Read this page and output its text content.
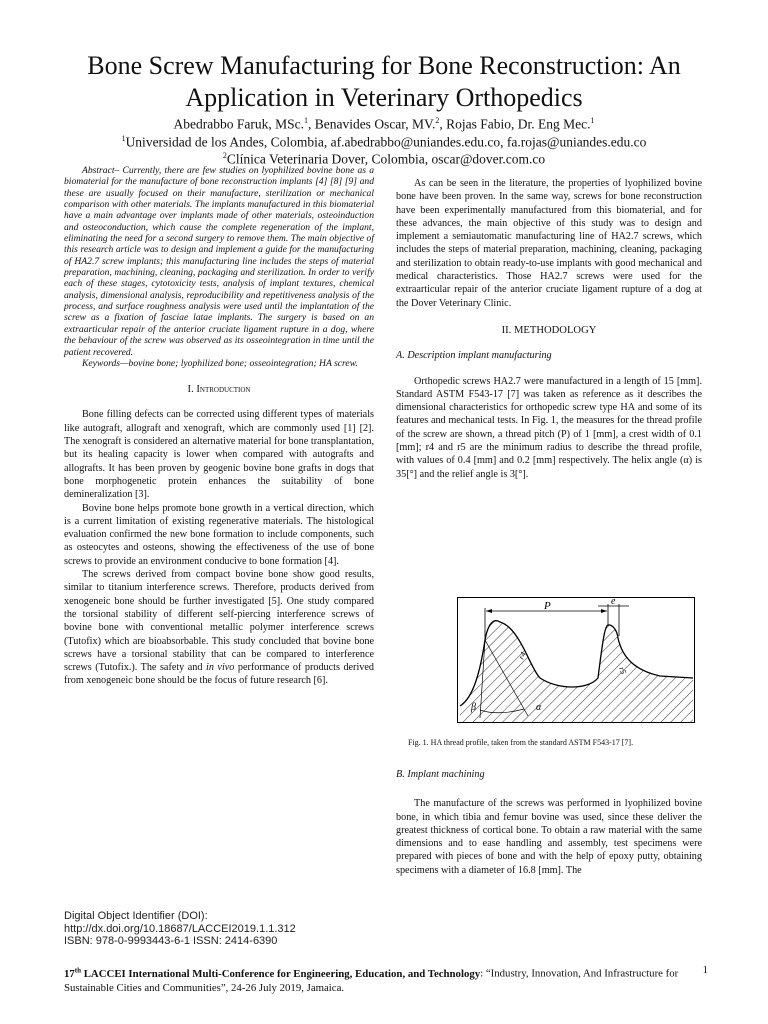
Bone Screw Manufacturing for Bone Reconstruction: An Application in Veterinary Orthopedics
Abedrabbo Faruk, MSc.$^1$, Benavides Oscar, MV.$^2$, Rojas Fabio, Dr. Eng Mec.$^1$
$^1$Universidad de los Andes, Colombia, af.abedrabbo@uniandes.edu.co, fa.rojas@uniandes.edu.co
$^2$Clínica Veterinaria Dover, Colombia, oscar@dover.com.co

Abstract– Currently, there are few studies on lyophilized bovine bone as a biomaterial for the manufacture of bone reconstruction implants [4] [8] [9] and these are usually focused on their manufacture, sterilization or mechanical comparison with other materials. The implants manufactured in this biomaterial have a main advantage over implants made of other materials, osteoinduction and osteoconduction, which cause the complete regeneration of the implant, eliminating the need for a second surgery to remove them. The main objective of this research article was to design and implement a guide for the manufacturing of HA2.7 screw implants; this manufacturing line includes the steps of material preparation, machining, cleaning, packaging and sterilization. In order to verify each of these stages, cytotoxicity tests, analysis of implant textures, chemical analysis, dimensional analysis, reproducibility and repetitiveness analysis of the process, and surface roughness analysis were used until the implantation of the screw as a fixation of fasciae latae implants. The surgery is based on an extraarticular repair of the anterior cruciate ligament rupture in a dog, where the behaviour of the screw was observed as its osseointegration in time until the patient recovered.

Keywords—bovine bone; lyophilized bone; osseointegration; HA screw.

I. Introduction

Bone filling defects can be corrected using different types of materials like autograft, allograft and xenograft, which are commonly used [1] [2]. The xenograft is considered an alternative material for bone transplantation, but its healing capacity is lower when compared with autografts and allografts. It has been proven by geogenic bovine bone grafts in dogs that bone morphogenetic protein enhances the suitability of bone demineralization [3].

Bovine bone helps promote bone growth in a vertical direction, which is a current limitation of existing regenerative materials. The histological evaluation confirmed the new bone formation to include components, such as osteocytes and osteons, showing the effectiveness of the use of bone screws to provide an environment conducive to bone formation [4].

The screws derived from compact bovine bone show good results, similar to titanium interference screws. Therefore, products derived from xenogeneic bone should be further investigated [5]. One study compared the torsional stability of different self-piercing interference screws of bovine bone with conventional metallic polymer interference screws (Tutofix) which are bioabsorbable. This study concluded that bovine bone screws have a torsional stability that can be compared to interference screws (Tutofix.). The safety and in vivo performance of products derived from xenogeneic bone should be the focus of future research [6].

As can be seen in the literature, the properties of lyophilized bovine bone have been proven. In the same way, screws for bone reconstruction have been experimentally manufactured from this biomaterial, and for these advances, the main objective of this study was to design and implement a semiautomatic manufacturing line of HA2.7 screws, which includes the steps of material preparation, machining, cleaning, packaging and sterilization to obtain ready-to-use implants with good mechanical and medical characteristics. Those HA2.7 screws were used for the extraarticular repair of the anterior cruciate ligament rupture of a dog at the Dover Veterinary Clinic.

II. METHODOLOGY

A. Description implant manufacturing

Orthopedic screws HA2.7 were manufactured in a length of 15 [mm]. Standard ASTM F543-17 [7] was taken as reference as it describes the dimensional characteristics for orthopedic screw type HA and some of its features and mechanical tests. In Fig. 1, the measures for the thread profile of the screw are shown, a thread pitch (P) of 1 [mm], a crest width of 0.1 [mm]; r4 and r5 are the minimum radius to describe the thread profile, with values of 0.4 [mm] and 0.2 [mm] respectively. The helix angle (α) is 35[°] and the relief angle is 3[°].

P	e
β	α
r4
r5
Fig. 1. HA thread profile, taken from the standard ASTM F543-17 [7].

B. Implant machining

The manufacture of the screws was performed in lyophilized bovine bone, in which tibia and femur bovine was used, since these deliver the greatest thickness of cortical bone. To obtain a raw material with the same dimensions and to ease handling and assembly, test specimens were prepared with pieces of bone and with the help of epoxy putty, obtaining specimens with a diameter of 16.8 [mm]. The

Digital Object Identifier (DOI):
http://dx.doi.org/10.18687/LACCEI2019.1.1.312
ISBN: 978-0-9993443-6-1 ISSN: 2414-6390
17th LACCEI International Multi-Conference for Engineering, Education, and Technology: “Industry, Innovation, And Infrastructure for Sustainable Cities and Communities”, 24-26 July 2019, Jamaica.
1
